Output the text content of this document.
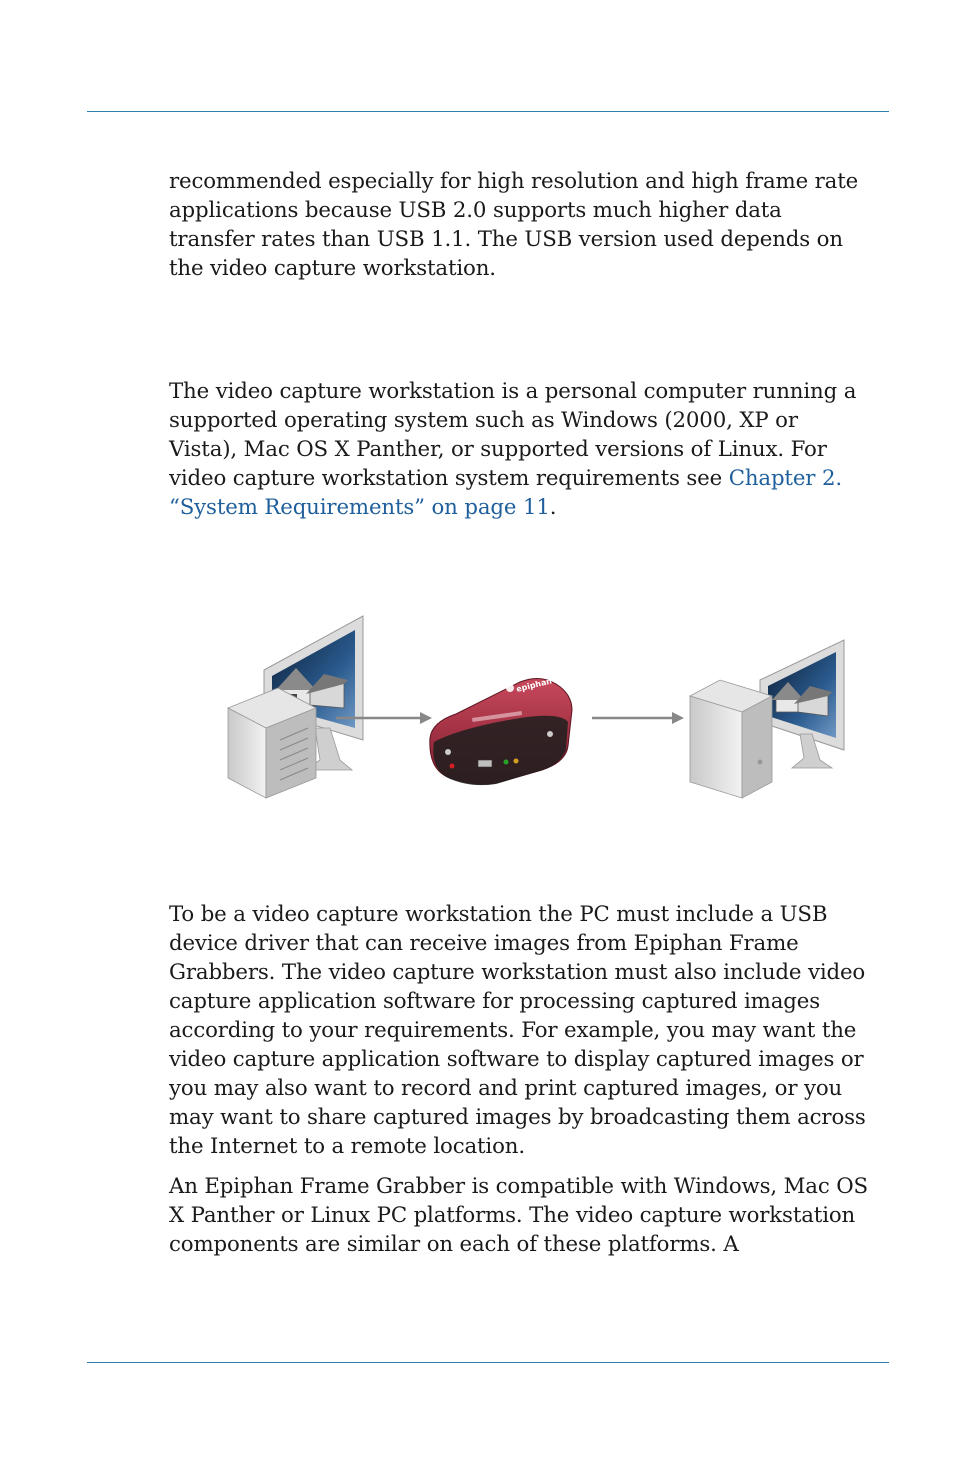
recommended especially for high resolution and high frame rate applications because USB 2.0 supports much higher data transfer rates than USB 1.1. The USB version used depends on the video capture workstation.

The video capture workstation is a personal computer running a supported operating system such as Windows (2000, XP or Vista), Mac OS X Panther, or supported versions of Linux. For video capture workstation system requirements see Chapter 2. “System Requirements” on page 11.

epiphan

To be a video capture workstation the PC must include a USB device driver that can receive images from Epiphan Frame Grabbers. The video capture workstation must also include video capture application software for processing captured images according to your requirements. For example, you may want the video capture application software to display captured images or you may also want to record and print captured images, or you may want to share captured images by broadcasting them across the Internet to a remote location.

An Epiphan Frame Grabber is compatible with Windows, Mac OS X Panther or Linux PC platforms. The video capture workstation components are similar on each of these platforms. A
